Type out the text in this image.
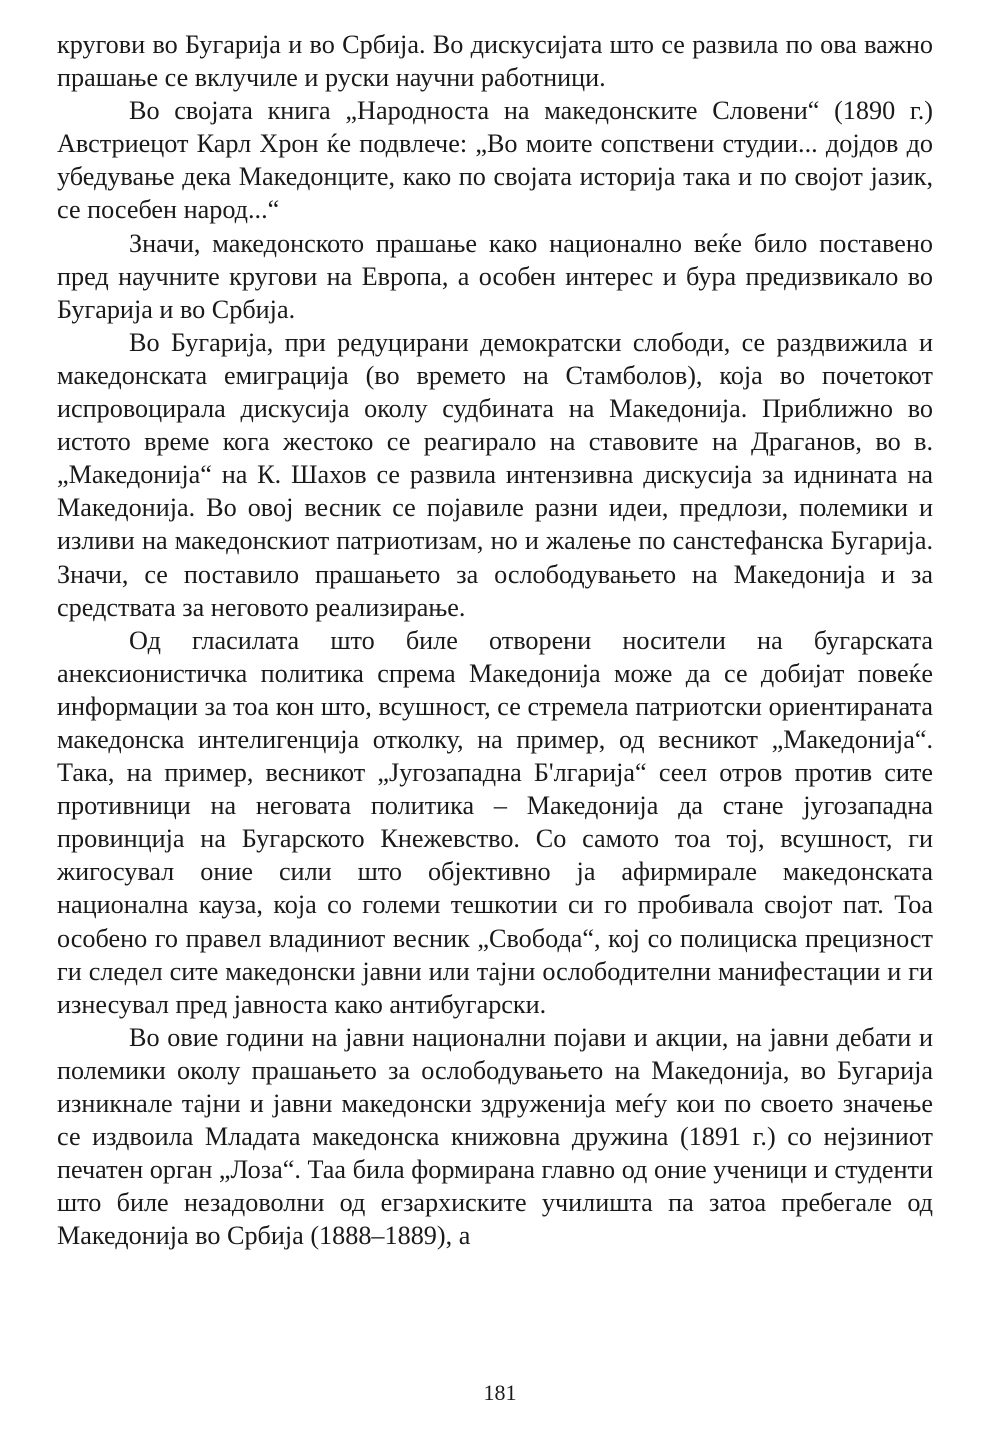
кругови во Бугарија и во Србија. Во дискусијата што се развила по ова важно прашање се вклучиле и руски научни работници.

Во својата книга „Народноста на македонските Словени“ (1890 г.) Австриецот Карл Хрон ќе подвлече: „Во моите сопствени студии... дојдов до убедување дека Македонците, како по својата историја така и по својот јазик, се посебен народ...“

Значи, македонското прашање како национално веќе било поставено пред научните кругови на Европа, а особен интерес и бура предизвикало во Бугарија и во Србија.

Во Бугарија, при редуцирани демократски слободи, се раздвижила и македонската емиграција (во времето на Стамболов), која во почетокот испровоцирала дискусија околу судбината на Македонија. Приближно во истото време кога жестоко се реагирало на ставовите на Драганов, во в. „Македонија“ на К. Шахов се развила интензивна дискусија за иднината на Македонија. Во овој весник се појавиле разни идеи, предлози, полемики и изливи на македонскиот патриотизам, но и жалење по санстефанска Бугарија. Значи, се поставило прашањето за ослободувањето на Македонија и за средствата за неговото реализирање.

Од гласилата што биле отворени носители на бугарската анексионистичка политика спрема Македонија може да се добијат повеќе информации за тоа кон што, всушност, се стремела патриотски ориентираната македонска интелигенција отколку, на пример, од весникот „Македонија“. Така, на пример, весникот „Југозападна Б'лгарија“ сеел отров против сите противници на неговата политика – Македонија да стане југозападна провинција на Бугарското Кнежевство. Со самото тоа тој, всушност, ги жигосувал оние сили што објективно ја афирмирале македонската национална кауза, која со големи тешкотии си го пробивала својот пат. Тоа особено го правел владиниот весник „Свобода“, кој со полициска прецизност ги следел сите македонски јавни или тајни ослободителни манифестации и ги изнесувал пред јавноста како антибугарски.

Во овие години на јавни национални појави и акции, на јавни дебати и полемики околу прашањето за ослободувањето на Македонија, во Бугарија изникнале тајни и јавни македонски здруженија меѓу кои по своето значење се издвоила Младата македонска книжовна дружина (1891 г.) со нејзиниот печатен орган „Лоза“. Таа била формирана главно од оние ученици и студенти што биле незадоволни од егзархиските училишта па затоа пребегале од Македонија во Србија (1888–1889), а

181
